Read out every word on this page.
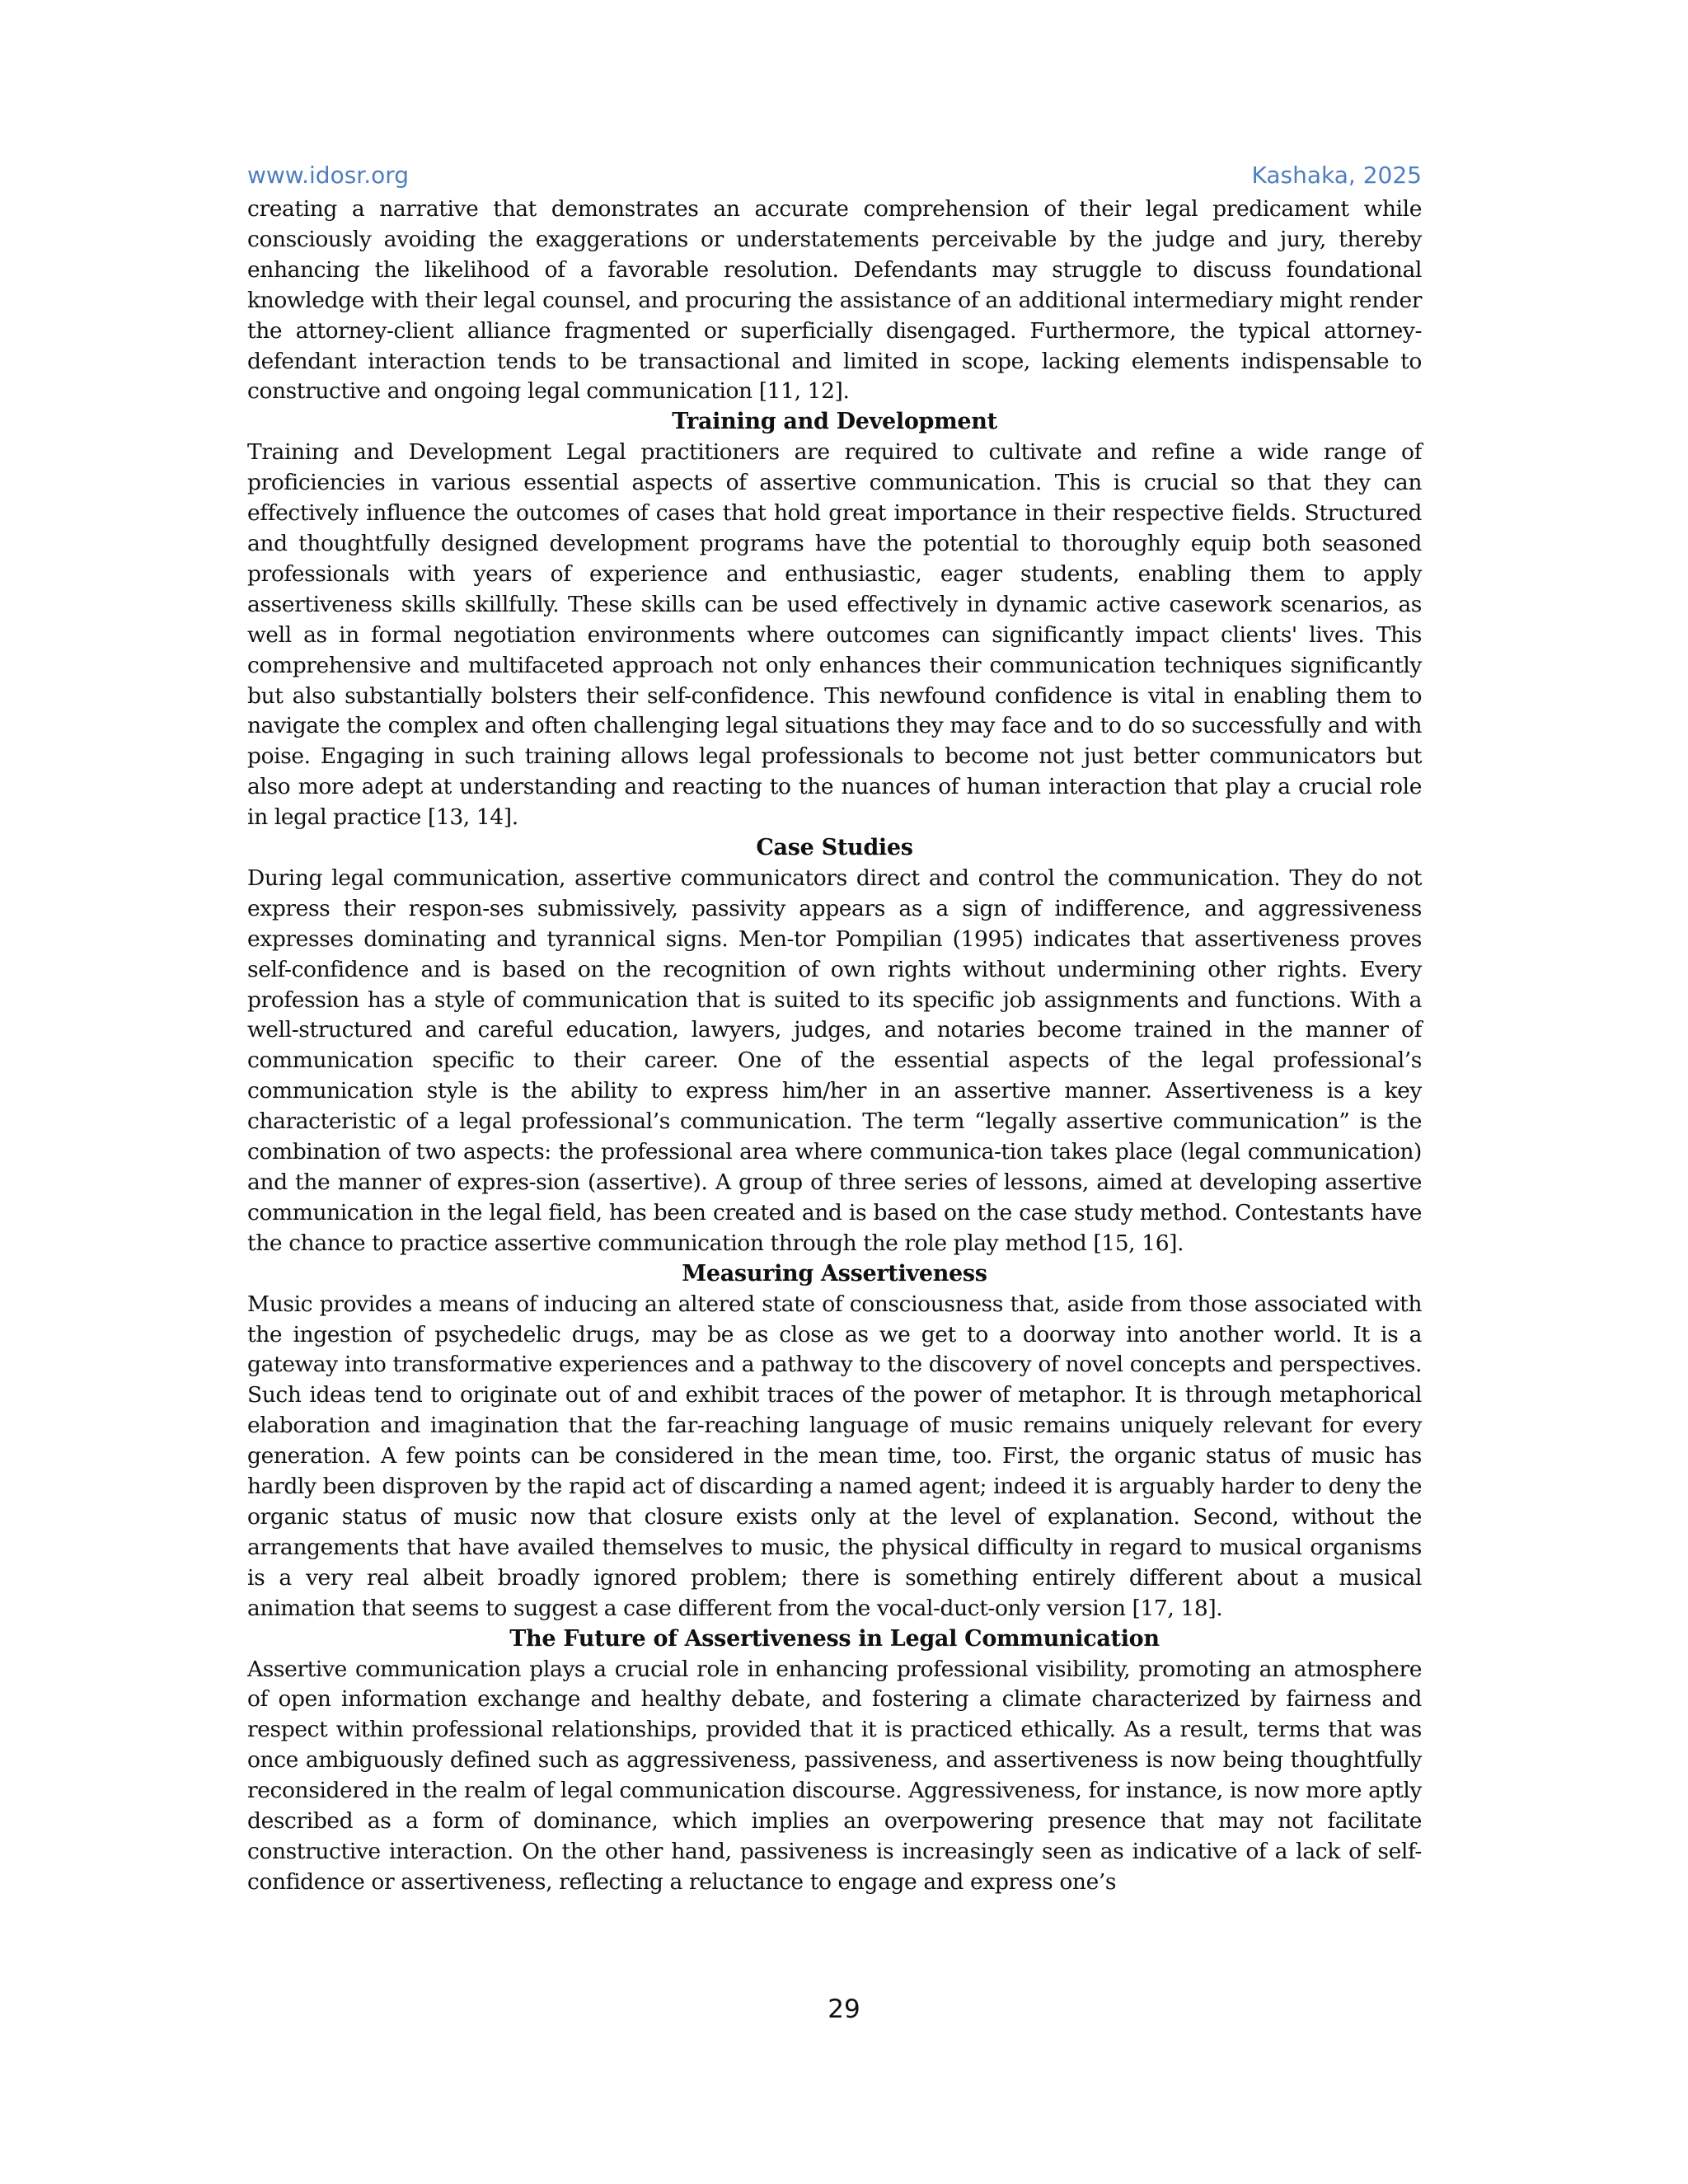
www.idosr.org	Kashaka, 2025

creating a narrative that demonstrates an accurate comprehension of their legal predicament while consciously avoiding the exaggerations or understatements perceivable by the judge and jury, thereby enhancing the likelihood of a favorable resolution. Defendants may struggle to discuss foundational knowledge with their legal counsel, and procuring the assistance of an additional intermediary might render the attorney-client alliance fragmented or superficially disengaged. Furthermore, the typical attorney-defendant interaction tends to be transactional and limited in scope, lacking elements indispensable to constructive and ongoing legal communication [11, 12].

Training and Development

Training and Development Legal practitioners are required to cultivate and refine a wide range of proficiencies in various essential aspects of assertive communication. This is crucial so that they can effectively influence the outcomes of cases that hold great importance in their respective fields. Structured and thoughtfully designed development programs have the potential to thoroughly equip both seasoned professionals with years of experience and enthusiastic, eager students, enabling them to apply assertiveness skills skillfully. These skills can be used effectively in dynamic active casework scenarios, as well as in formal negotiation environments where outcomes can significantly impact clients' lives. This comprehensive and multifaceted approach not only enhances their communication techniques significantly but also substantially bolsters their self-confidence. This newfound confidence is vital in enabling them to navigate the complex and often challenging legal situations they may face and to do so successfully and with poise. Engaging in such training allows legal professionals to become not just better communicators but also more adept at understanding and reacting to the nuances of human interaction that play a crucial role in legal practice [13, 14].

Case Studies

During legal communication, assertive communicators direct and control the communication. They do not express their respon-ses submissively, passivity appears as a sign of indifference, and aggressiveness expresses dominating and tyrannical signs. Men-tor Pompilian (1995) indicates that assertiveness proves self-confidence and is based on the recognition of own rights without undermining other rights. Every profession has a style of communication that is suited to its specific job assignments and functions. With a well-structured and careful education, lawyers, judges, and notaries become trained in the manner of communication specific to their career. One of the essential aspects of the legal professional’s communication style is the ability to express him/her in an assertive manner. Assertiveness is a key characteristic of a legal professional’s communication. The term “legally assertive communication” is the combination of two aspects: the professional area where communica-tion takes place (legal communication) and the manner of expres-sion (assertive). A group of three series of lessons, aimed at developing assertive communication in the legal field, has been created and is based on the case study method. Contestants have the chance to practice assertive communication through the role play method [15, 16].

Measuring Assertiveness

Music provides a means of inducing an altered state of consciousness that, aside from those associated with the ingestion of psychedelic drugs, may be as close as we get to a doorway into another world. It is a gateway into transformative experiences and a pathway to the discovery of novel concepts and perspectives. Such ideas tend to originate out of and exhibit traces of the power of metaphor. It is through metaphorical elaboration and imagination that the far-reaching language of music remains uniquely relevant for every generation. A few points can be considered in the mean time, too. First, the organic status of music has hardly been disproven by the rapid act of discarding a named agent; indeed it is arguably harder to deny the organic status of music now that closure exists only at the level of explanation. Second, without the arrangements that have availed themselves to music, the physical difficulty in regard to musical organisms is a very real albeit broadly ignored problem; there is something entirely different about a musical animation that seems to suggest a case different from the vocal-duct-only version [17, 18].

The Future of Assertiveness in Legal Communication

Assertive communication plays a crucial role in enhancing professional visibility, promoting an atmosphere of open information exchange and healthy debate, and fostering a climate characterized by fairness and respect within professional relationships, provided that it is practiced ethically. As a result, terms that was once ambiguously defined such as aggressiveness, passiveness, and assertiveness is now being thoughtfully reconsidered in the realm of legal communication discourse. Aggressiveness, for instance, is now more aptly described as a form of dominance, which implies an overpowering presence that may not facilitate constructive interaction. On the other hand, passiveness is increasingly seen as indicative of a lack of self-confidence or assertiveness, reflecting a reluctance to engage and express one’s

29
